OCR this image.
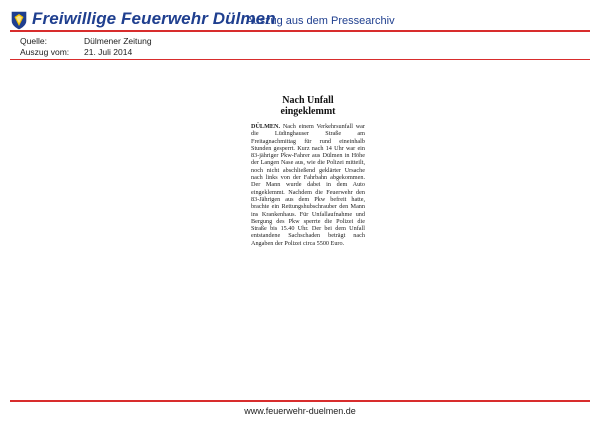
Freiwillige Feuerwehr Dülmen
Auszug aus dem Pressearchiv
Quelle:	Dülmener Zeitung
Auszug vom: 21. Juli 2014
Nach Unfall
eingeklemmt
DÜLMEN. Nach einem Verkehrsunfall war die Lüdinghauser Straße am Freitagnachmittag für rund eineinhalb Stunden gesperrt. Kurz nach 14 Uhr war ein 83-jähriger Pkw-Fahrer aus Dülmen in Höhe der Langen Nase aus, wie die Polizei mitteilt, noch nicht abschließend geklärter Ursache nach links von der Fahrbahn abgekommen. Der Mann wurde dabei in dem Auto eingeklemmt. Nachdem die Feuerwehr den 83-Jährigen aus dem Pkw befreit hatte, brachte ein Rettungshubschrauber den Mann ins Krankenhaus. Für Unfallaufnahme und Bergung des Pkw sperrte die Polizei die Straße bis 15.40 Uhr. Der bei dem Unfall entstandene Sachschaden beträgt nach Angaben der Polizei circa 5500 Euro.
www.feuerwehr-duelmen.de
